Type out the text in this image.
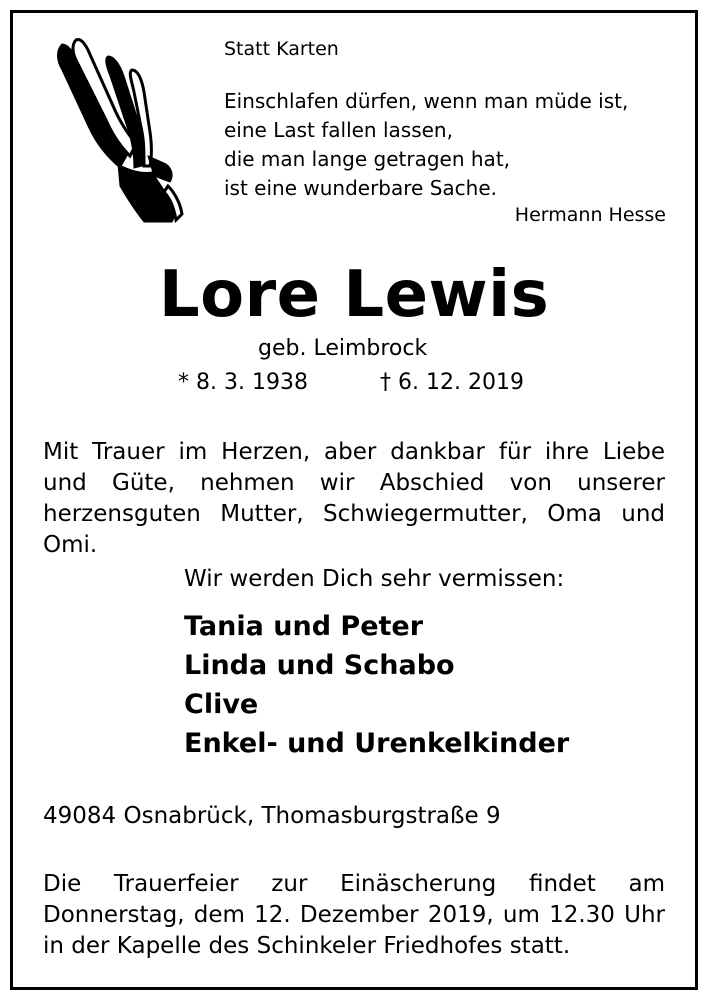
Statt Karten
Einschlafen dürfen, wenn man müde ist,
eine Last fallen lassen,
die man lange getragen hat,
ist eine wunderbare Sache.
Hermann Hesse
Lore Lewis
geb. Leimbrock
* 8. 3. 1938	† 6. 12. 2019
Mit Trauer im Herzen, aber dankbar für ihre Liebe
und Güte, nehmen wir Abschied von unserer
herzensguten Mutter, Schwiegermutter, Oma und
Omi.
Wir werden Dich sehr vermissen:
Tania und Peter
Linda und Schabo
Clive
Enkel- und Urenkelkinder
49084 Osnabrück, Thomasburgstraße 9
Die Trauerfeier zur Einäscherung findet am
Donnerstag, dem 12. Dezember 2019, um 12.30 Uhr
in der Kapelle des Schinkeler Friedhofes statt.
